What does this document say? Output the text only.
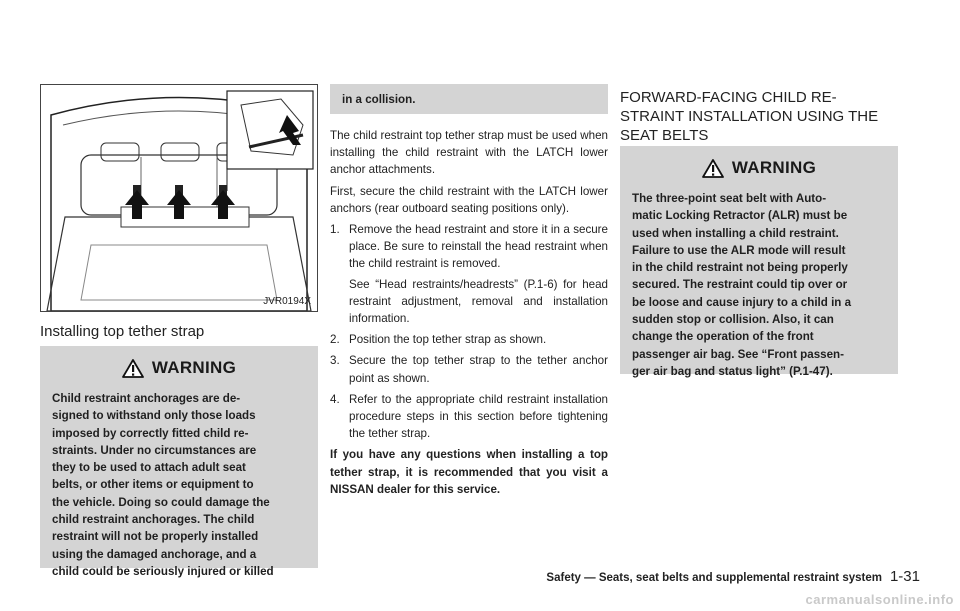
JVR0194X
Installing top tether strap
WARNING
Child restraint anchorages are de-
signed to withstand only those loads
imposed by correctly fitted child re-
straints. Under no circumstances are
they to be used to attach adult seat
belts, or other items or equipment to
the vehicle. Doing so could damage the
child restraint anchorages. The child
restraint will not be properly installed
using the damaged anchorage, and a
child could be seriously injured or killed
in a collision.

The child restraint top tether strap must be used when installing the child restraint with the LATCH lower anchor attachments.

First, secure the child restraint with the LATCH lower anchors (rear outboard seating positions only).

1. Remove the head restraint and store it in a secure place. Be sure to reinstall the head restraint when the child restraint is removed.
See “Head restraints/headrests” (P.1-6) for head restraint adjustment, removal and installation information.
2. Position the top tether strap as shown.
3. Secure the top tether strap to the tether anchor point as shown.
4. Refer to the appropriate child restraint installation procedure steps in this section before tightening the tether strap.

If you have any questions when installing a top tether strap, it is recommended that you visit a NISSAN dealer for this service.

FORWARD-FACING CHILD RE-
STRAINT INSTALLATION USING THE
SEAT BELTS
WARNING
The three-point seat belt with Auto-
matic Locking Retractor (ALR) must be
used when installing a child restraint.
Failure to use the ALR mode will result
in the child restraint not being properly
secured. The restraint could tip over or
be loose and cause injury to a child in a
sudden stop or collision. Also, it can
change the operation of the front
passenger air bag. See “Front passen-
ger air bag and status light” (P.1-47).
Safety — Seats, seat belts and supplemental restraint system 1-31
carmanualsonline.info
